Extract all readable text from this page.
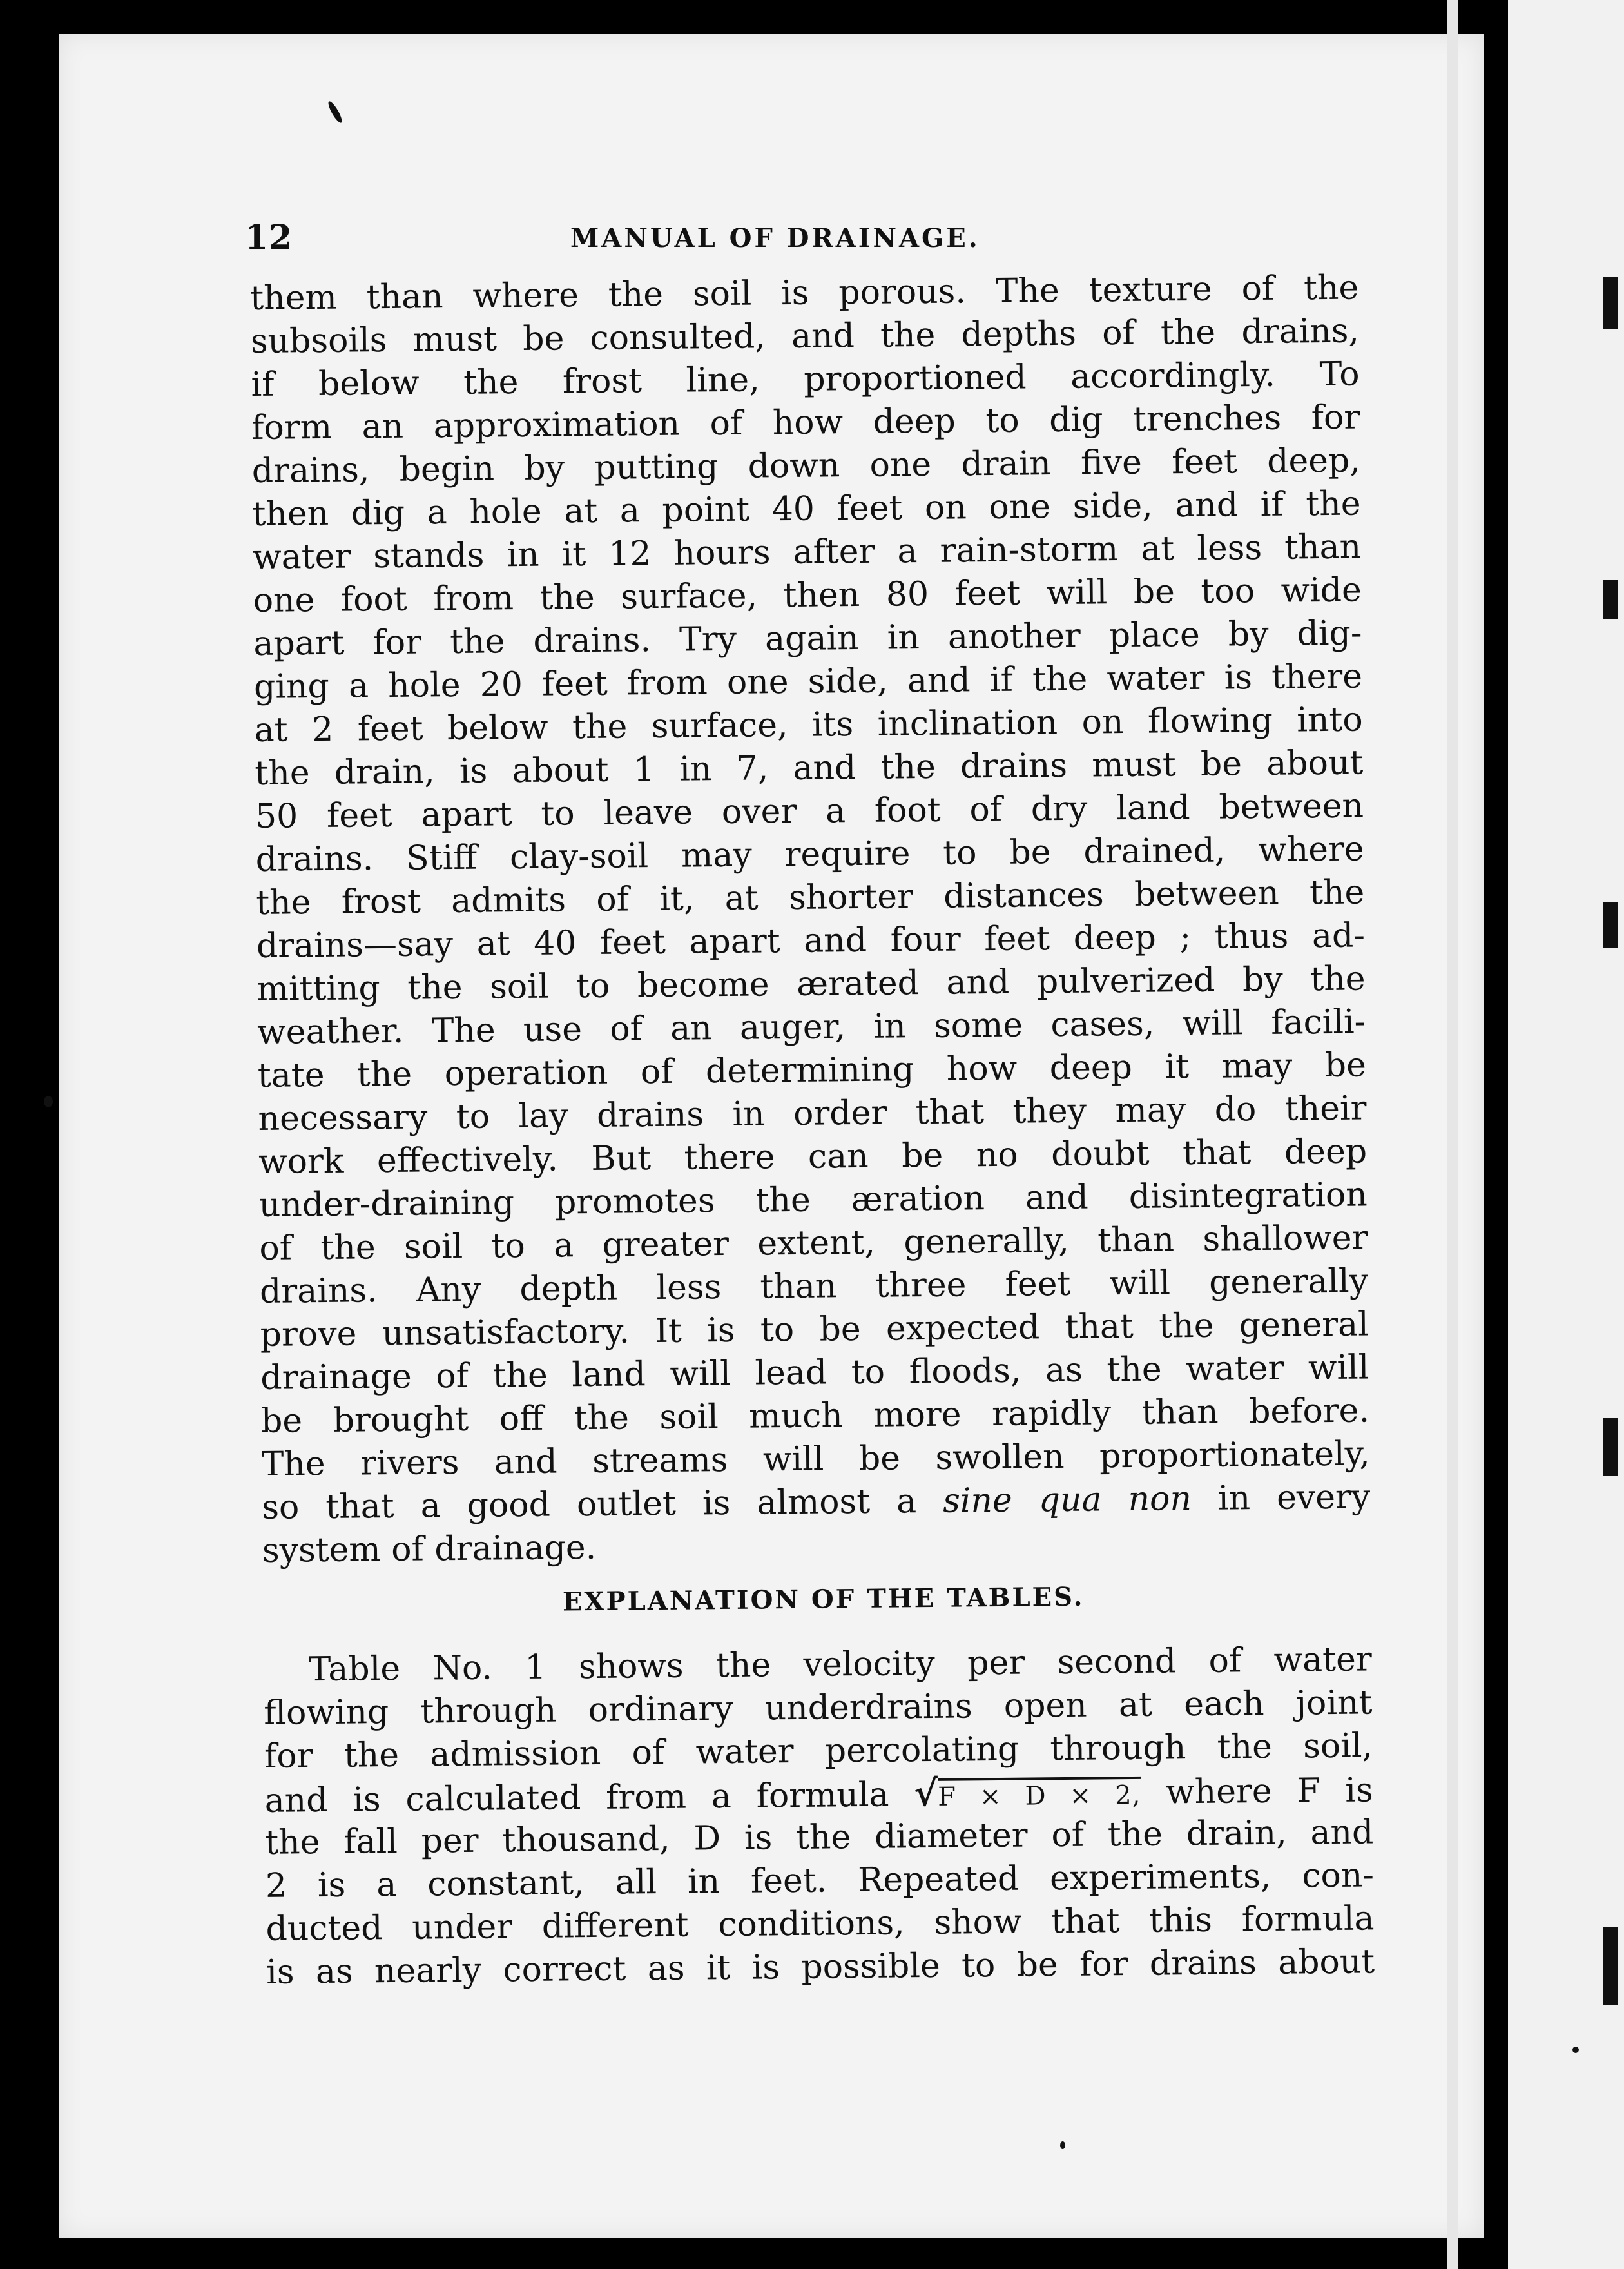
12	MANUAL OF DRAINAGE.
them than where the soil is porous. The texture of the
subsoils must be consulted, and the depths of the drains,
if below the frost line, proportioned accordingly. To
form an approximation of how deep to dig trenches for
drains, begin by putting down one drain five feet deep,
then dig a hole at a point 40 feet on one side, and if the
water stands in it 12 hours after a rain-storm at less than
one foot from the surface, then 80 feet will be too wide
apart for the drains. Try again in another place by dig-
ging a hole 20 feet from one side, and if the water is there
at 2 feet below the surface, its inclination on flowing into
the drain, is about 1 in 7, and the drains must be about
50 feet apart to leave over a foot of dry land between
drains. Stiff clay-soil may require to be drained, where
the frost admits of it, at shorter distances between the
drains—say at 40 feet apart and four feet deep ; thus ad-
mitting the soil to become ærated and pulverized by the
weather. The use of an auger, in some cases, will facili-
tate the operation of determining how deep it may be
necessary to lay drains in order that they may do their
work effectively. But there can be no doubt that deep
under-draining promotes the æration and disintegration
of the soil to a greater extent, generally, than shallower
drains. Any depth less than three feet will generally
prove unsatisfactory. It is to be expected that the general
drainage of the land will lead to floods, as the water will
be brought off the soil much more rapidly than before.
The rivers and streams will be swollen proportionately,
so that a good outlet is almost a sine qua non in every
system of drainage.
EXPLANATION OF THE TABLES.
Table No. 1 shows the velocity per second of water
flowing through ordinary underdrains open at each joint
for the admission of water percolating through the soil,
and is calculated from a formula √F × D × 2, where F is
the fall per thousand, D is the diameter of the drain, and
2 is a constant, all in feet. Repeated experiments, con-
ducted under different conditions, show that this formula
is as nearly correct as it is possible to be for drains about
